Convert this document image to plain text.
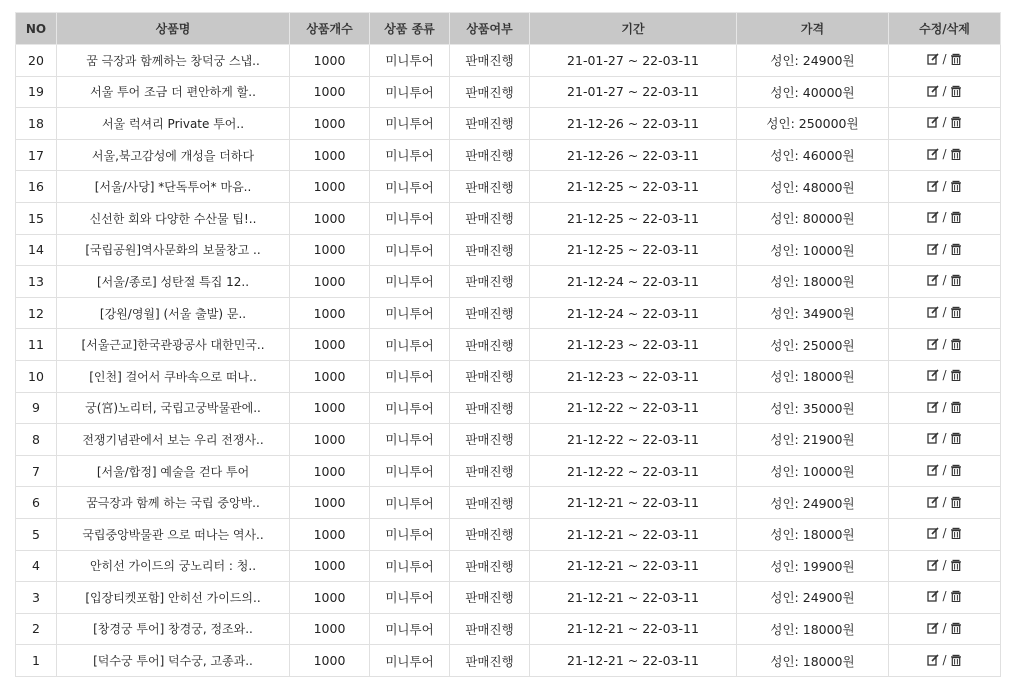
NO	상품명	상품개수	상품 종류	상품여부	기간	가격	수정/삭제
20	꿈 극장과 함께하는 창덕궁 스냅..	1000	미니투어	판매진행	21-01-27 ~ 22-03-11	성인: 24900원	/

19	서울 투어 조금 더 편안하게 할..	1000	미니투어	판매진행	21-01-27 ~ 22-03-11	성인: 40000원	/

18	서울 럭셔리 Private 투어..	1000	미니투어	판매진행	21-12-26 ~ 22-03-11	성인: 250000원	/

17	서울,북고감성에 개성을 더하다	1000	미니투어	판매진행	21-12-26 ~ 22-03-11	성인: 46000원	/

16	[서울/사당] *단독투어* 마음..	1000	미니투어	판매진행	21-12-25 ~ 22-03-11	성인: 48000원	/

15	신선한 회와 다양한 수산물 팁!..	1000	미니투어	판매진행	21-12-25 ~ 22-03-11	성인: 80000원	/

14	[국립공원]역사문화의 보물창고 ..	1000	미니투어	판매진행	21-12-25 ~ 22-03-11	성인: 10000원	/

13	[서울/종로] 성탄절 특집 12..	1000	미니투어	판매진행	21-12-24 ~ 22-03-11	성인: 18000원	/

12	[강원/영월] (서울 출발) 문..	1000	미니투어	판매진행	21-12-24 ~ 22-03-11	성인: 34900원	/

11	[서울근교]한국관광공사 대한민국..	1000	미니투어	판매진행	21-12-23 ~ 22-03-11	성인: 25000원	/

10	[인천] 걸어서 쿠바속으로 떠나..	1000	미니투어	판매진행	21-12-23 ~ 22-03-11	성인: 18000원	/

9	궁(宮)노리터, 국립고궁박물관에..	1000	미니투어	판매진행	21-12-22 ~ 22-03-11	성인: 35000원	/

8	전쟁기념관에서 보는 우리 전쟁사..	1000	미니투어	판매진행	21-12-22 ~ 22-03-11	성인: 21900원	/

7	[서울/합정] 예술을 걷다 투어	1000	미니투어	판매진행	21-12-22 ~ 22-03-11	성인: 10000원	/

6	꿈극장과 함께 하는 국립 중앙박..	1000	미니투어	판매진행	21-12-21 ~ 22-03-11	성인: 24900원	/

5	국립중앙박물관 으로 떠나는 역사..	1000	미니투어	판매진행	21-12-21 ~ 22-03-11	성인: 18000원	/

4	안히선 가이드의 궁노리터 : 청..	1000	미니투어	판매진행	21-12-21 ~ 22-03-11	성인: 19900원	/

3	[입장티켓포함] 안히선 가이드의..	1000	미니투어	판매진행	21-12-21 ~ 22-03-11	성인: 24900원	/

2	[창경궁 투어] 창경궁, 정조와..	1000	미니투어	판매진행	21-12-21 ~ 22-03-11	성인: 18000원	/

1	[덕수궁 투어] 덕수궁, 고종과..	1000	미니투어	판매진행	21-12-21 ~ 22-03-11	성인: 18000원	/
